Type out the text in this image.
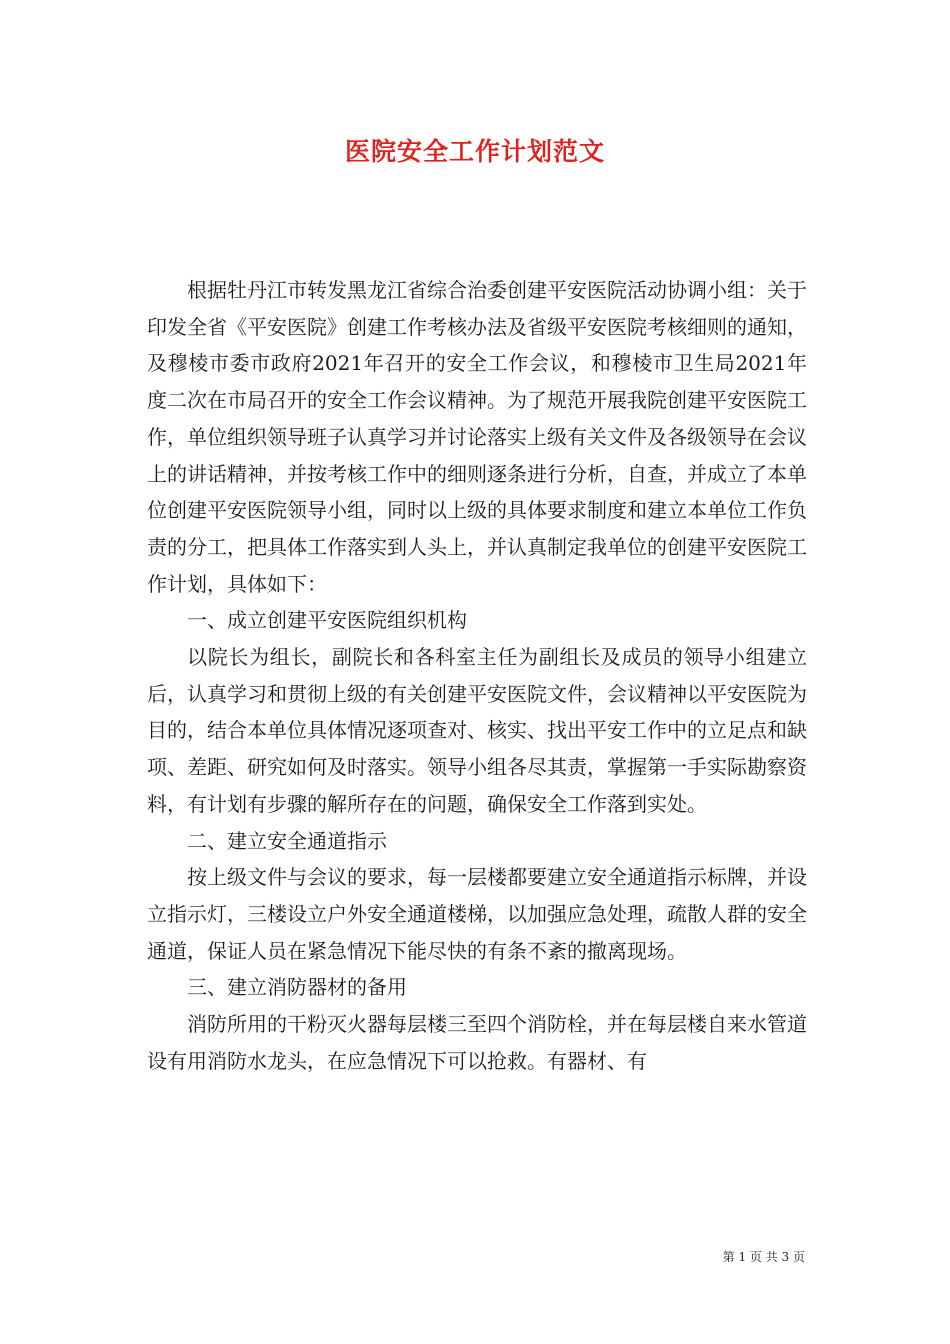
医院安全工作计划范文

根据牡丹江市转发黑龙江省综合治委创建平安医院活动协调小组：关于印发全省《平安医院》创建工作考核办法及省级平安医院考核细则的通知，及穆棱市委市政府2021年召开的安全工作会议，和穆棱市卫生局2021年度二次在市局召开的安全工作会议精神。为了规范开展我院创建平安医院工作，单位组织领导班子认真学习并讨论落实上级有关文件及各级领导在会议上的讲话精神，并按考核工作中的细则逐条进行分析，自查，并成立了本单位创建平安医院领导小组，同时以上级的具体要求制度和建立本单位工作负责的分工，把具体工作落实到人头上，并认真制定我单位的创建平安医院工作计划，具体如下：

一、成立创建平安医院组织机构

以院长为组长，副院长和各科室主任为副组长及成员的领导小组建立后，认真学习和贯彻上级的有关创建平安医院文件，会议精神以平安医院为目的，结合本单位具体情况逐项查对、核实、找出平安工作中的立足点和缺项、差距、研究如何及时落实。领导小组各尽其责，掌握第一手实际勘察资料，有计划有步骤的解所存在的问题，确保安全工作落到实处。

二、建立安全通道指示

按上级文件与会议的要求，每一层楼都要建立安全通道指示标牌，并设立指示灯，三楼设立户外安全通道楼梯，以加强应急处理，疏散人群的安全通道，保证人员在紧急情况下能尽快的有条不紊的撤离现场。

三、建立消防器材的备用

消防所用的干粉灭火器每层楼三至四个消防栓，并在每层楼自来水管道设有用消防水龙头，在应急情况下可以抢救。有器材、有

第 1 页 共 3 页
